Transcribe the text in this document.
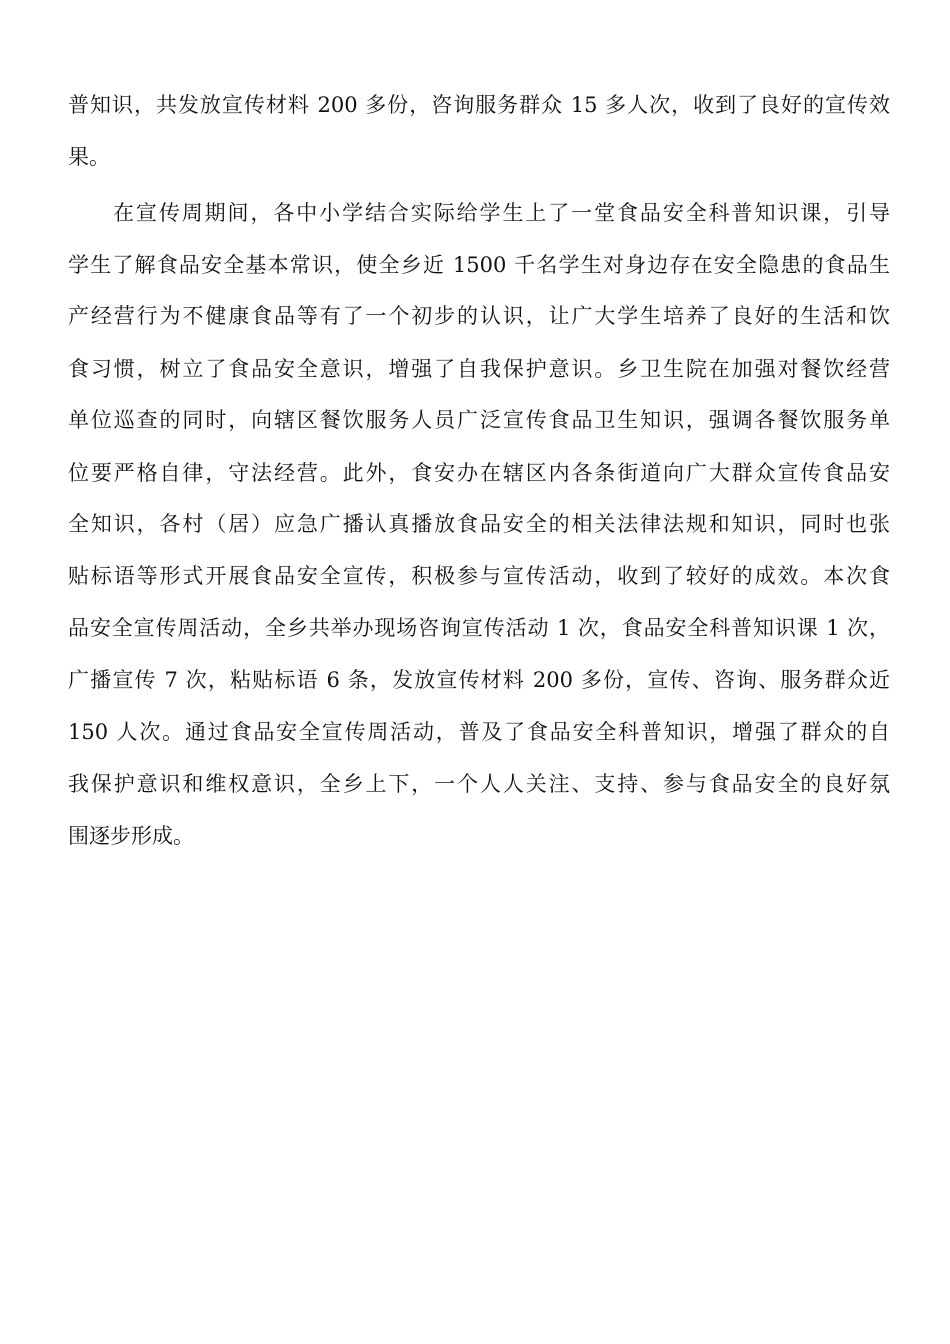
普知识，共发放宣传材料 200 多份，咨询服务群众 15 多人次，收到了良好的宣传效
果。
在宣传周期间，各中小学结合实际给学生上了一堂食品安全科普知识课，引导
学生了解食品安全基本常识，使全乡近 1500 千名学生对身边存在安全隐患的食品生
产经营行为不健康食品等有了一个初步的认识，让广大学生培养了良好的生活和饮
食习惯，树立了食品安全意识，增强了自我保护意识。乡卫生院在加强对餐饮经营
单位巡查的同时，向辖区餐饮服务人员广泛宣传食品卫生知识，强调各餐饮服务单
位要严格自律，守法经营。此外，食安办在辖区内各条街道向广大群众宣传食品安
全知识，各村（居）应急广播认真播放食品安全的相关法律法规和知识，同时也张
贴标语等形式开展食品安全宣传，积极参与宣传活动，收到了较好的成效。本次食
品安全宣传周活动，全乡共举办现场咨询宣传活动 1 次，食品安全科普知识课 1 次，
广播宣传 7 次，粘贴标语 6 条，发放宣传材料 200 多份，宣传、咨询、服务群众近
150 人次。通过食品安全宣传周活动，普及了食品安全科普知识，增强了群众的自
我保护意识和维权意识，全乡上下，一个人人关注、支持、参与食品安全的良好氛
围逐步形成。
